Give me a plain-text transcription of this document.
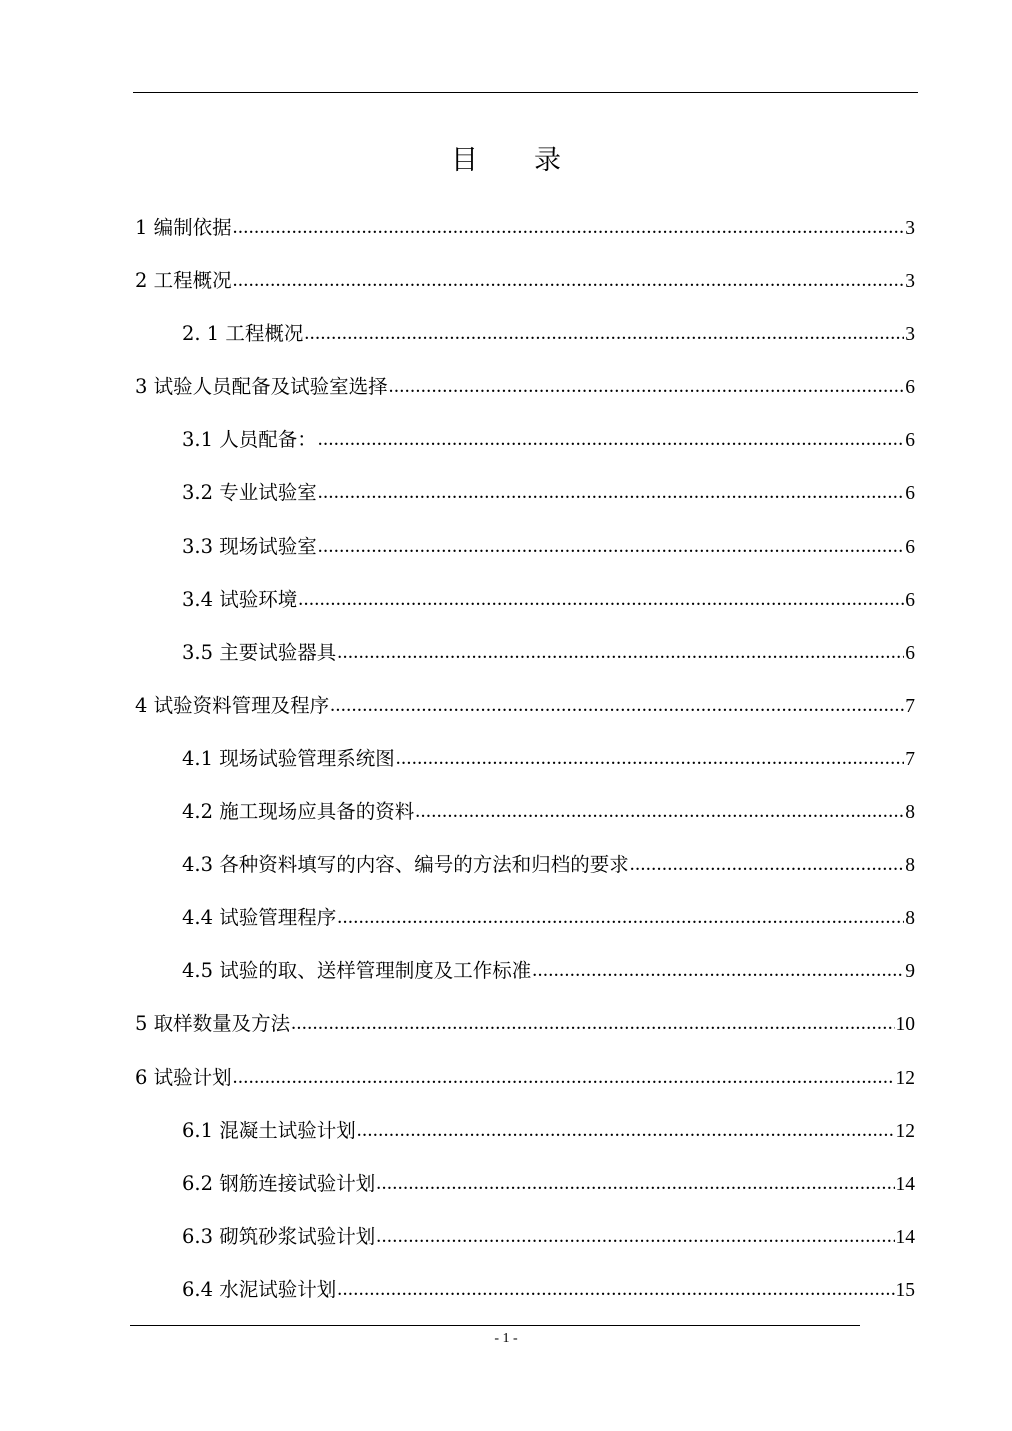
目 录
1 编制依据 .....	3
2 工程概况 .....	3
2. 1 工程概况 .....	3
3 试验人员配备及试验室选择 .....	6
3.1 人员配备： .....	6
3.2 专业试验室 .....	6
3.3 现场试验室 .....	6
3.4 试验环境 .....	6
3.5 主要试验器具 .....	6
4 试验资料管理及程序 .....	7
4.1 现场试验管理系统图 .....	7
4.2 施工现场应具备的资料 .....	8
4.3 各种资料填写的内容、编号的方法和归档的要求 .....	8
4.4 试验管理程序 .....	8
4.5 试验的取、送样管理制度及工作标准 .....	9
5 取样数量及方法 .....	10
6 试验计划 .....	12
6.1 混凝土试验计划 .....	12
6.2 钢筋连接试验计划 .....	14
6.3 砌筑砂浆试验计划 .....	14
6.4 水泥试验计划 .....	15
- 1 -
